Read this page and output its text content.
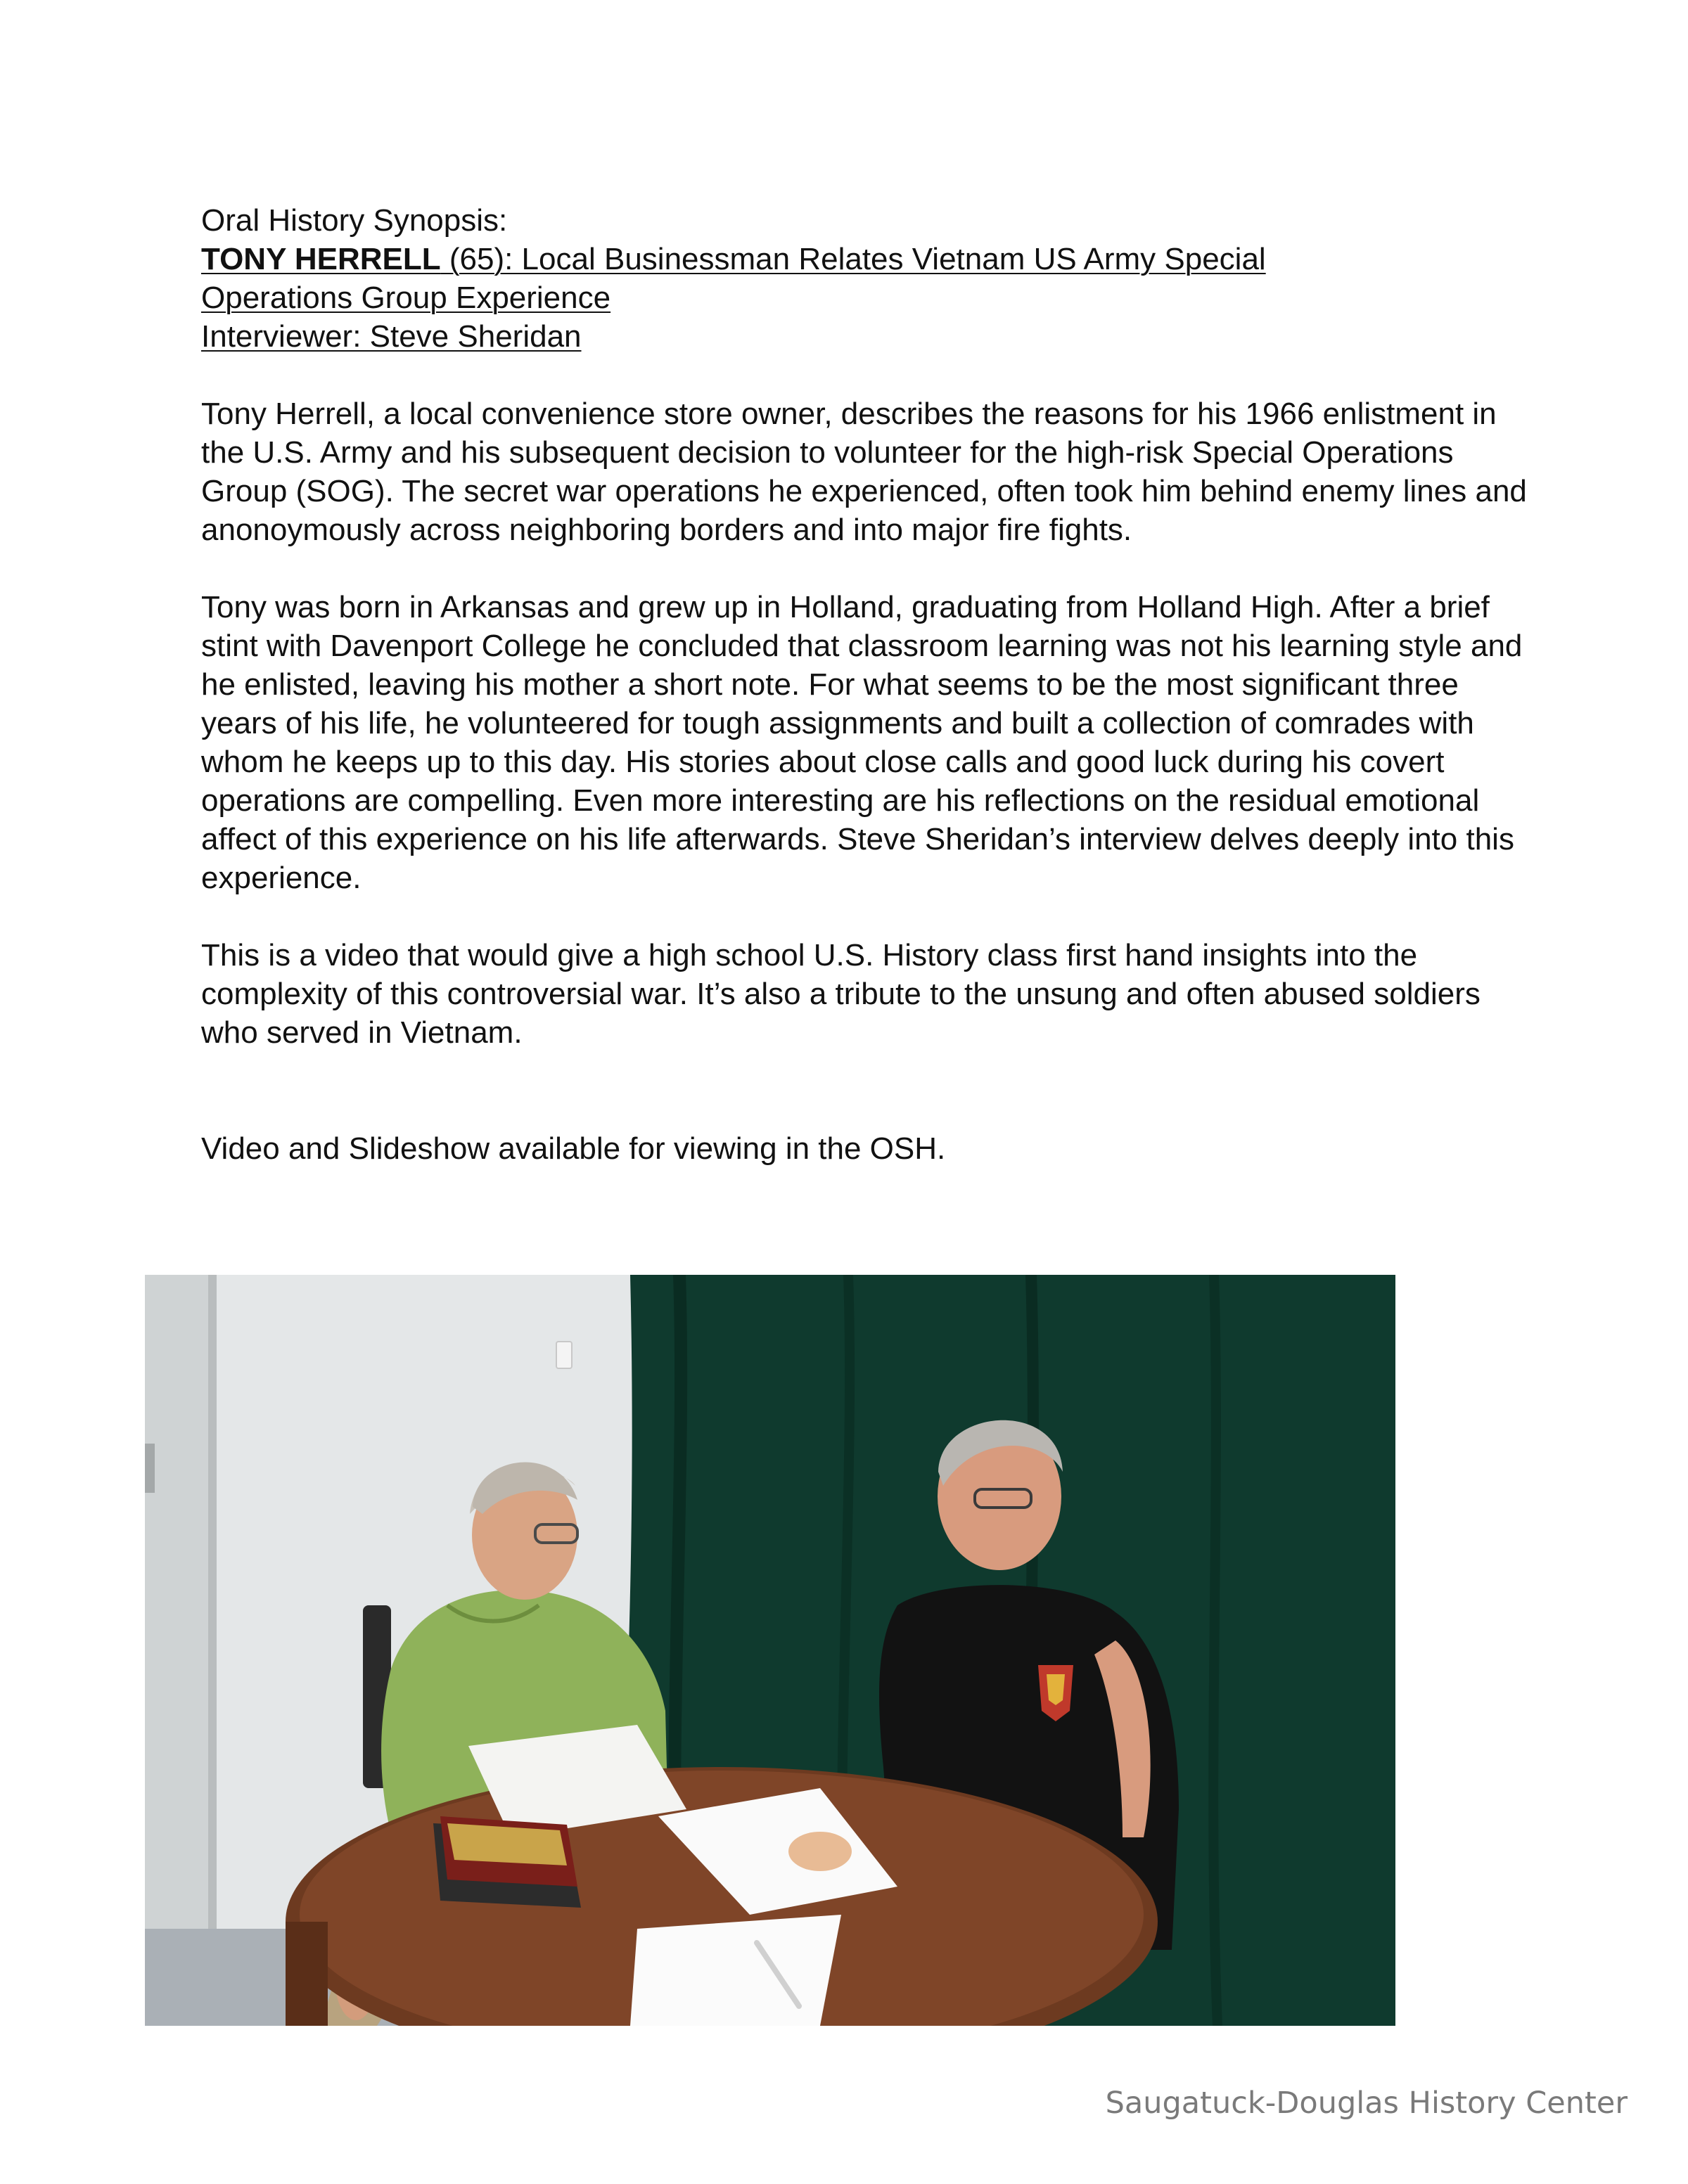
Oral History Synopsis:

TONY HERRELL (65): Local Businessman Relates Vietnam US Army Special

Operations Group Experience

Interviewer: Steve Sheridan

Tony Herrell, a local convenience store owner, describes the reasons for his 1966 enlistment in the U.S. Army and his subsequent decision to volunteer for the high-risk Special Operations Group (SOG). The secret war operations he experienced, often took him behind enemy lines and anonoymously across neighboring borders and into major fire fights.

Tony was born in Arkansas and grew up in Holland, graduating from Holland High. After a brief stint with Davenport College he concluded that classroom learning was not his learning style and he enlisted, leaving his mother a short note. For what seems to be the most significant three years of his life, he volunteered for tough assignments and built a collection of comrades with whom he keeps up to this day. His stories about close calls and good luck during his covert operations are compelling. Even more interesting are his reflections on the residual emotional affect of this experience on his life afterwards. Steve Sheridan’s interview delves deeply into this experience.

This is a video that would give a high school U.S. History class first hand insights into the complexity of this controversial war. It’s also a tribute to the unsung and often abused soldiers who served in Vietnam.

Video and Slideshow available for viewing in the OSH.

Saugatuck-Douglas History Center
